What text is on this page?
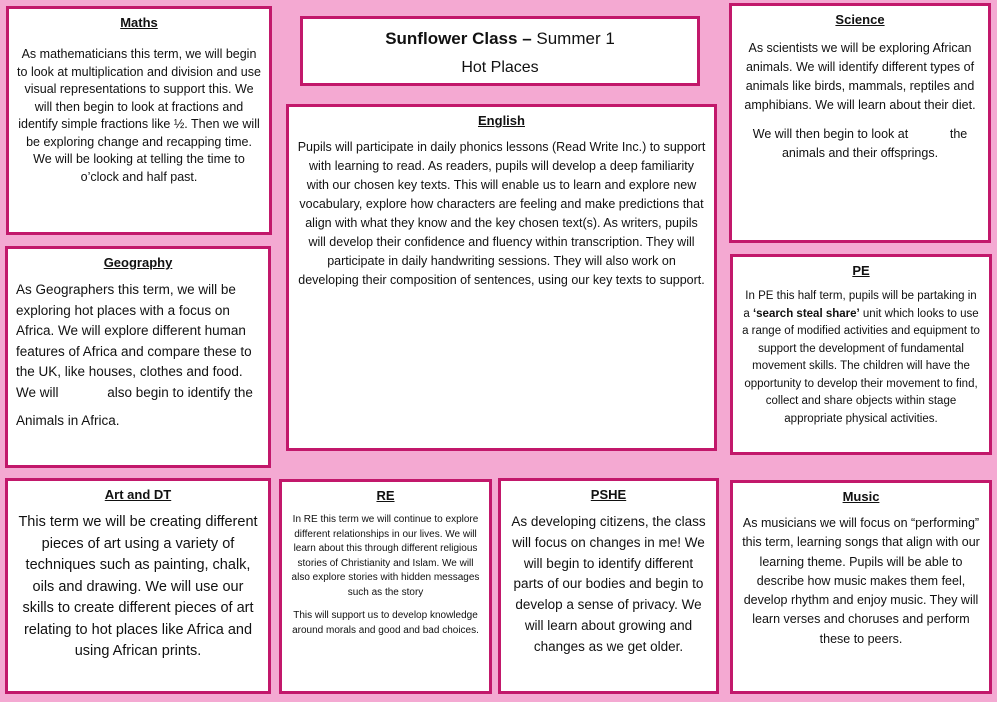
Sunflower Class – Summer 1
Hot Places
Maths

As mathematicians this term, we will begin to look at multiplication and division and use visual representations to support this. We will then begin to look at fractions and identify simple fractions like ½. Then we will be exploring change and recapping time. We will be looking at telling the time to o’clock and half past.

English

Pupils will participate in daily phonics lessons (Read Write Inc.) to support with learning to read. As readers, pupils will develop a deep familiarity with our chosen key texts. This will enable us to learn and explore new vocabulary, explore how characters are feeling and make predictions that align with what they know and the key chosen text(s). As writers, pupils will develop their confidence and fluency within transcription. They will participate in daily handwriting sessions. They will also work on developing their composition of sentences, using our key texts to support.

Science

As scientists we will be exploring African animals. We will identify different types of animals like birds, mammals, reptiles and amphibians. We will learn about their diet.

We will then begin to look at            the animals and their offsprings.

Geography

As Geographers this term, we will be exploring hot places with a focus on Africa. We will explore different human features of Africa and compare these to the UK, like houses, clothes and food. We will             also begin to identify the

Animals in Africa.

PE

In PE this half term, pupils will be partaking in a ‘search steal share’ unit which looks to use a range of modified activities and equipment to support the development of fundamental movement skills. The children will have the opportunity to develop their movement to find, collect and share objects within stage appropriate physical activities.

Art and DT

This term we will be creating different pieces of art using a variety of techniques such as painting, chalk, oils and drawing. We will use our skills to create different pieces of art relating to hot places like Africa and using African prints.

RE

In RE this term we will continue to explore different relationships in our lives. We will learn about this through different religious stories of Christianity and Islam. We will also explore stories with hidden messages such as the story

This will support us to develop knowledge around morals and good and bad choices.

PSHE

As developing citizens, the class will focus on changes in me! We will begin to identify different parts of our bodies and begin to develop a sense of privacy. We will learn about growing and changes as we get older.

Music

As musicians we will focus on “performing” this term, learning songs that align with our learning theme. Pupils will be able to describe how music makes them feel, develop rhythm and enjoy music. They will learn verses and choruses and perform these to peers.
